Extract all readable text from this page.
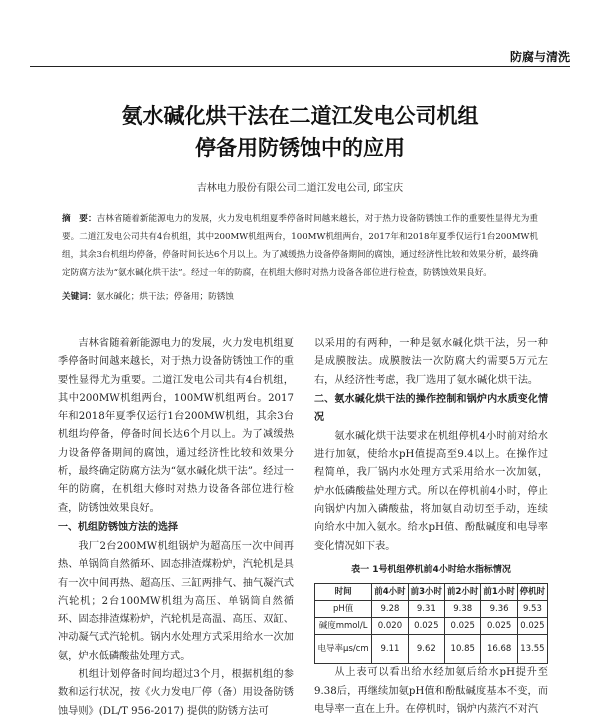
防腐与清洗
氨水碱化烘干法在二道江发电公司机组
停备用防锈蚀中的应用
吉林电力股份有限公司二道江发电公司, 邱宝庆
摘　要：吉林省随着新能源电力的发展，火力发电机组夏季停备时间越来越长，对于热力设备防锈蚀工作的重要性显得尤为重要。二道江发电公司共有4台机组，其中200MW机组两台，100MW机组两台，2017年和2018年夏季仅运行1台200MW机组，其余3台机组均停备，停备时间长达6个月以上。为了减缓热力设备停备期间的腐蚀，通过经济性比较和效果分析，最终确定防腐方法为“氨水碱化烘干法”。经过一年的防腐，在机组大修时对热力设备各部位进行检查，防锈蚀效果良好。
关键词：氨水碱化；烘干法；停备用；防锈蚀

吉林省随着新能源电力的发展，火力发电机组夏季停备时间越来越长，对于热力设备防锈蚀工作的重要性显得尤为重要。二道江发电公司共有4台机组，其中200MW机组两台，100MW机组两台。2017年和2018年夏季仅运行1台200MW机组，其余3台机组均停备，停备时间长达6个月以上。为了减缓热力设备停备期间的腐蚀，通过经济性比较和效果分析，最终确定防腐方法为“氨水碱化烘干法”。经过一年的防腐，在机组大修时对热力设备各部位进行检查，防锈蚀效果良好。

一、机组防锈蚀方法的选择

我厂2台200MW机组锅炉为超高压一次中间再热、单锅筒自然循环、固态排渣煤粉炉，汽轮机是具有一次中间再热、超高压、三缸两排气、抽气凝汽式汽轮机；2台100MW机组为高压、单锅筒自然循环、固态排渣煤粉炉，汽轮机是高温、高压、双缸、冲动凝气式汽轮机。锅内水处理方式采用给水一次加氨，炉水低磷酸盐处理方式。

机组计划停备时间均超过3个月，根据机组的参数和运行状况，按《火力发电厂停（备）用设备防锈蚀导则》(DL/T 956-2017) 提供的防锈方法可

以采用的有两种，一种是氨水碱化烘干法，另一种是成膜胺法。成膜胺法一次防腐大约需要5万元左右，从经济性考虑，我厂选用了氨水碱化烘干法。

二、氨水碱化烘干法的操作控制和锅炉内水质变化情况

氨水碱化烘干法要求在机组停机4小时前对给水进行加氨，使给水pH值提高至9.4以上。在操作过程简单，我厂锅内水处理方式采用给水一次加氨，炉水低磷酸盐处理方式。所以在停机前4小时，停止向锅炉内加入磷酸盐，将加氨自动切至手动，连续向给水中加入氨水。给水pH值、酚酞碱度和电导率变化情况如下表。

表一 1号机组停机前4小时给水指标情况
时间	前4小时	前3小时	前2小时	前1小时	停机时
pH值	9.28	9.31	9.38	9.36	9.53
碱度mmol/L	0.020	0.025	0.025	0.025	0.025
电导率μs/cm	9.11	9.62	10.85	16.68	13.55

从上表可以看出给水经加氨后给水pH提升至9.38后，再继续加氨pH值和酚酞碱度基本不变，而电导率一直在上升。在停机时，锅炉内蒸汽不对汽
